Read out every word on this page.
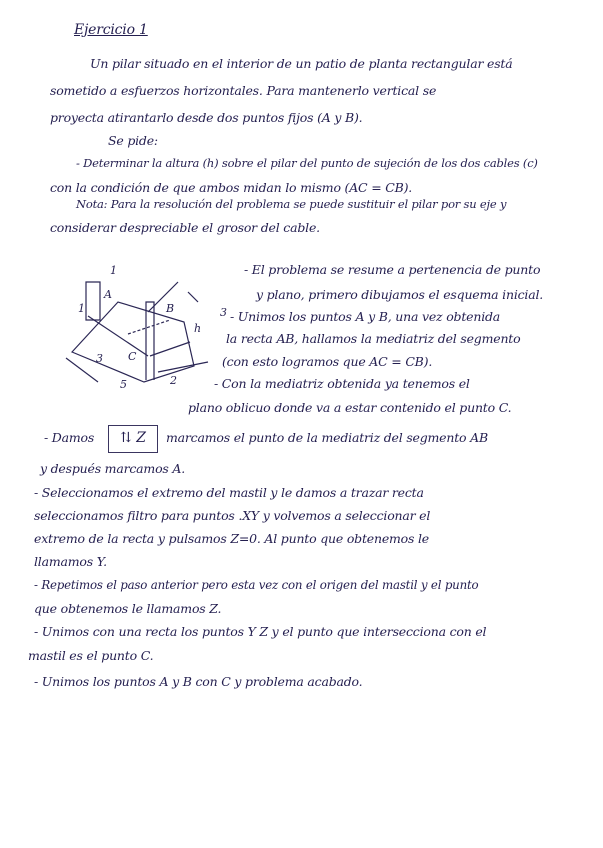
Ejercicio 1
Un pilar situado en el interior de un patio de planta rectangular está
sometido a esfuerzos horizontales. Para mantenerlo vertical se
proyecta atirantarlo desde dos puntos fijos (A y B).
Se pide:
- Determinar la altura (h) sobre el pilar del punto de sujeción de los dos cables (c)
con la condición de que ambos midan lo mismo (AC = CB).
Nota: Para la resolución del problema se puede sustituir el pilar por su eje y
considerar despreciable el grosor del cable.
- El problema se resume a pertenencia de punto
y plano, primero dibujamos el esquema inicial.
- Unimos los puntos A y B, una vez obtenida
la recta AB, hallamos la mediatriz del segmento
(con esto logramos que AC = CB).
- Con la mediatriz obtenida ya tenemos el
plano oblicuo donde va a estar contenido el punto C.
1
1
A
B
C
h
3
3
5	2
- Damos	⇅ Z	marcamos el punto de la mediatriz del segmento AB
y después marcamos A.
- Seleccionamos el extremo del mastil y le damos a trazar recta
seleccionamos filtro para puntos .XY y volvemos a seleccionar el
extremo de la recta y pulsamos Z=0. Al punto que obtenemos le
llamamos Y.
- Repetimos el paso anterior pero esta vez con el origen del mastil y el punto
que obtenemos le llamamos Z.
- Unimos con una recta los puntos Y Z y el punto que intersecciona con el
mastil es el punto C.
- Unimos los puntos A y B con C y problema acabado.
